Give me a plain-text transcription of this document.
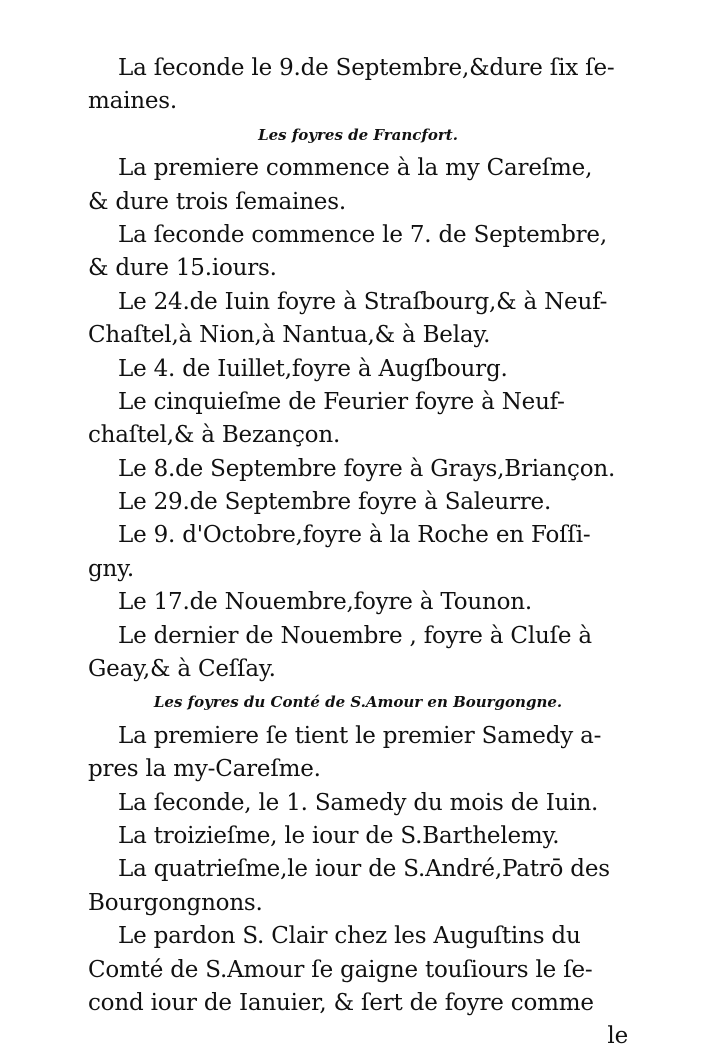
La ſeconde le 9.de Septembre,&dure ſix ſe-
maines.
Les foyres de Francfort.
La premiere commence à la my Careſme,
& dure trois ſemaines.
La ſeconde commence le 7. de Septembre,
& dure 15.iours.
Le 24.de Iuin foyre à Straſbourg,& à Neuf-
Chaſtel,à Nion,à Nantua,& à Belay.
Le 4. de Iuillet,foyre à Augſbourg.
Le cinquieſme de Feurier foyre à Neuf-
chaſtel,& à Bezançon.
Le 8.de Septembre foyre à Grays,Briançon.
Le 29.de Septembre foyre à Saleurre.
Le 9. d'Octobre,foyre à la Roche en Foſſi-
gny.
Le 17.de Nouembre,foyre à Tounon.
Le dernier de Nouembre , foyre à Cluſe à
Geay,& à Ceſſay.
Les foyres du Conté de S.Amour en Bourgongne.
La premiere ſe tient le premier Samedy a-
pres la my-Careſme.
La ſeconde, le 1. Samedy du mois de Iuin.
La troizieſme, le iour de S.Barthelemy.
La quatrieſme,le iour de S.André,Patrō des
Bourgongnons.
Le pardon S. Clair chez les Auguſtins du
Comté de S.Amour ſe gaigne touſiours le ſe-
cond iour de Ianuier, & ſert de foyre comme
le
